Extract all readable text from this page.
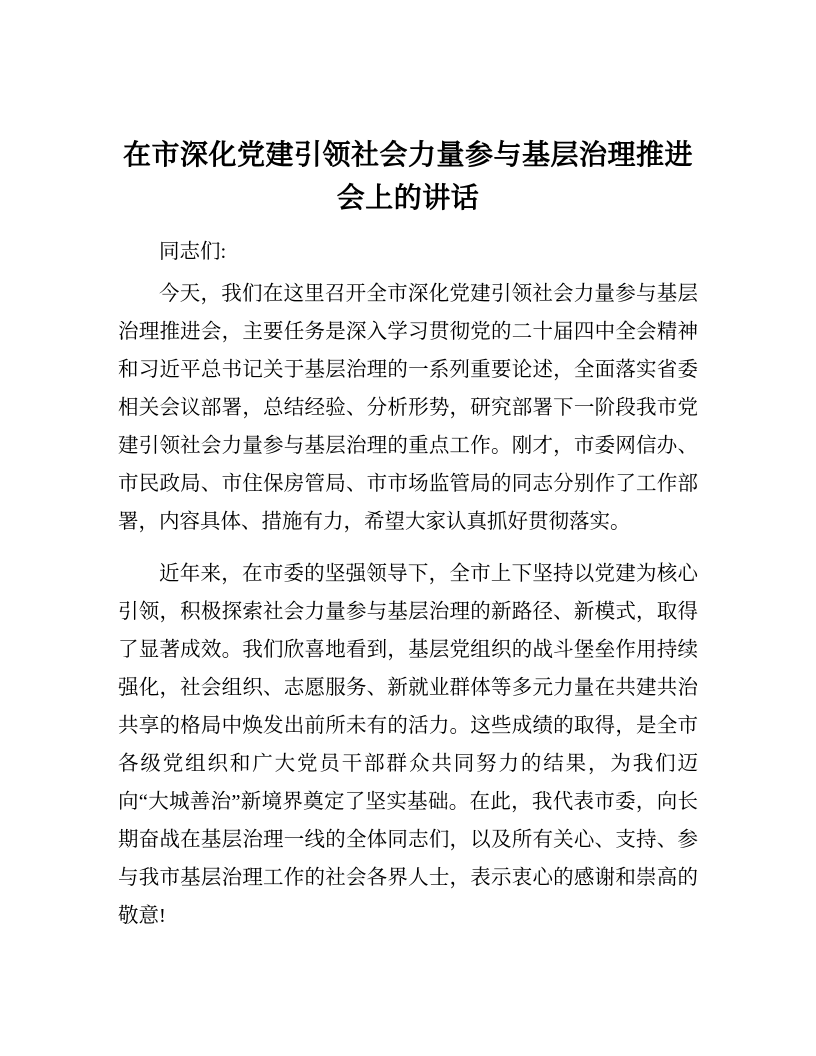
在市深化党建引领社会力量参与基层治理推进会上的讲话

同志们:

今天，我们在这里召开全市深化党建引领社会力量参与基层治理推进会，主要任务是深入学习贯彻党的二十届四中全会精神和习近平总书记关于基层治理的一系列重要论述，全面落实省委相关会议部署，总结经验、分析形势，研究部署下一阶段我市党建引领社会力量参与基层治理的重点工作。刚才，市委网信办、市民政局、市住保房管局、市市场监管局的同志分别作了工作部署，内容具体、措施有力，希望大家认真抓好贯彻落实。

近年来，在市委的坚强领导下，全市上下坚持以党建为核心引领，积极探索社会力量参与基层治理的新路径、新模式，取得了显著成效。我们欣喜地看到，基层党组织的战斗堡垒作用持续强化，社会组织、志愿服务、新就业群体等多元力量在共建共治共享的格局中焕发出前所未有的活力。这些成绩的取得，是全市各级党组织和广大党员干部群众共同努力的结果，为我们迈向“大城善治”新境界奠定了坚实基础。在此，我代表市委，向长期奋战在基层治理一线的全体同志们，以及所有关心、支持、参与我市基层治理工作的社会各界人士，表示衷心的感谢和崇高的敬意!
